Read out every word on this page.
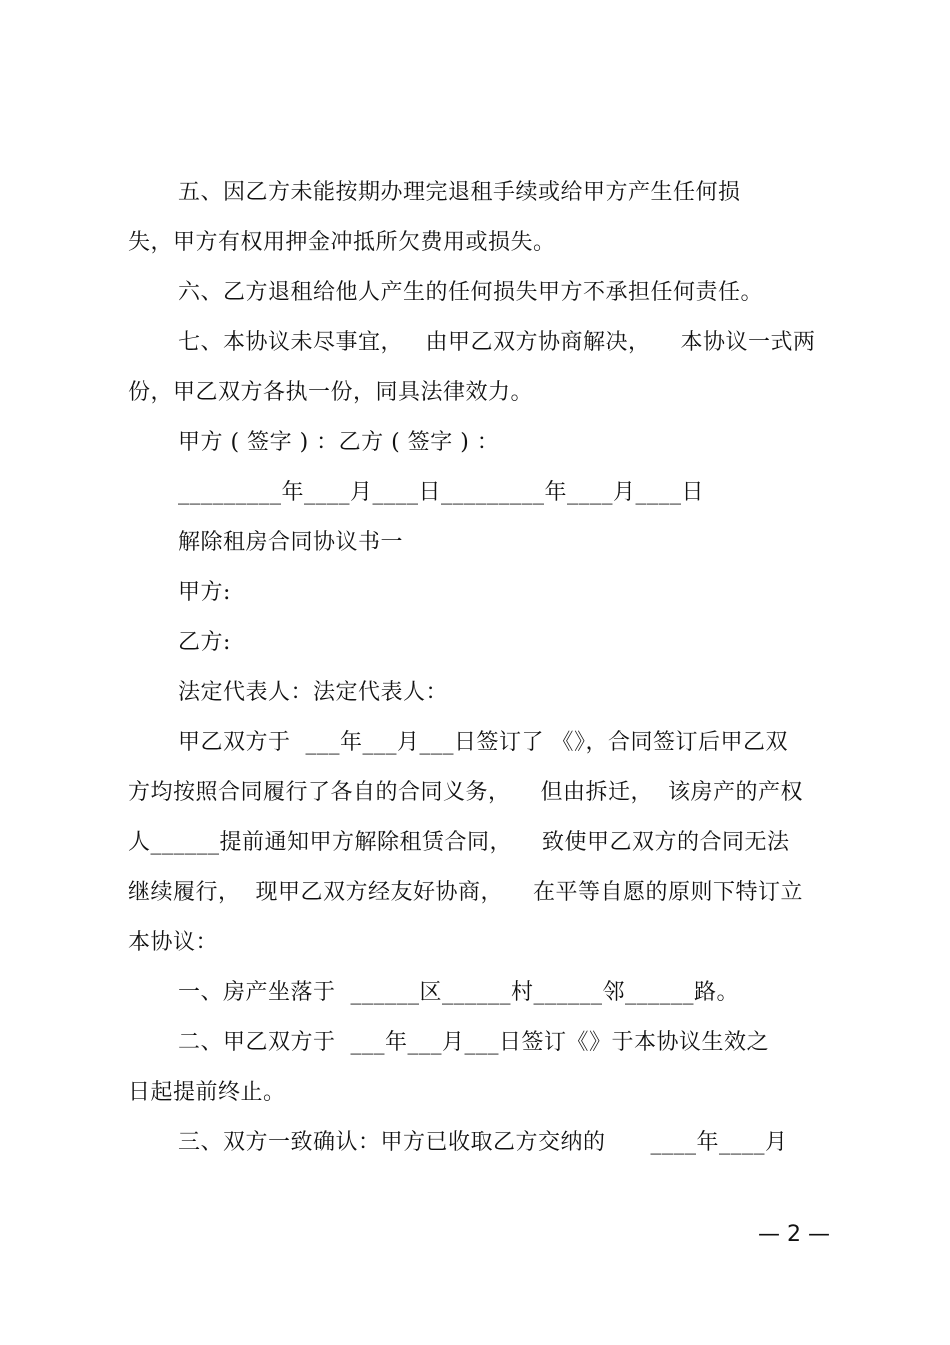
五、因乙方未能按期办理完退租手续或给甲方产生任何损
失，甲方有权用押金冲抵所欠费用或损失。
六、乙方退租给他人产生的任何损失甲方不承担任何责任。
七、本协议未尽事宜，   由甲乙双方协商解决，    本协议一式两
份，甲乙双方各执一份，同具法律效力。
甲方 ( 签字 ) ：乙方 ( 签字 ) ：
_________年____月____日_________年____月____日
解除租房合同协议书一
甲方:
乙方:
法定代表人：法定代表人：
甲乙双方于  ___年___月___日签订了 《》，合同签订后甲乙双
方均按照合同履行了各自的合同义务，    但由拆迁，  该房产的产权
人______提前通知甲方解除租赁合同，    致使甲乙双方的合同无法
继续履行，  现甲乙双方经友好协商，    在平等自愿的原则下特订立
本协议：
一、房产坐落于  ______区______村______邻______路。
二、甲乙双方于  ___年___月___日签订《》于本协议生效之
日起提前终止。
三、双方一致确认：甲方已收取乙方交纳的      ____年____月
— 2 —
